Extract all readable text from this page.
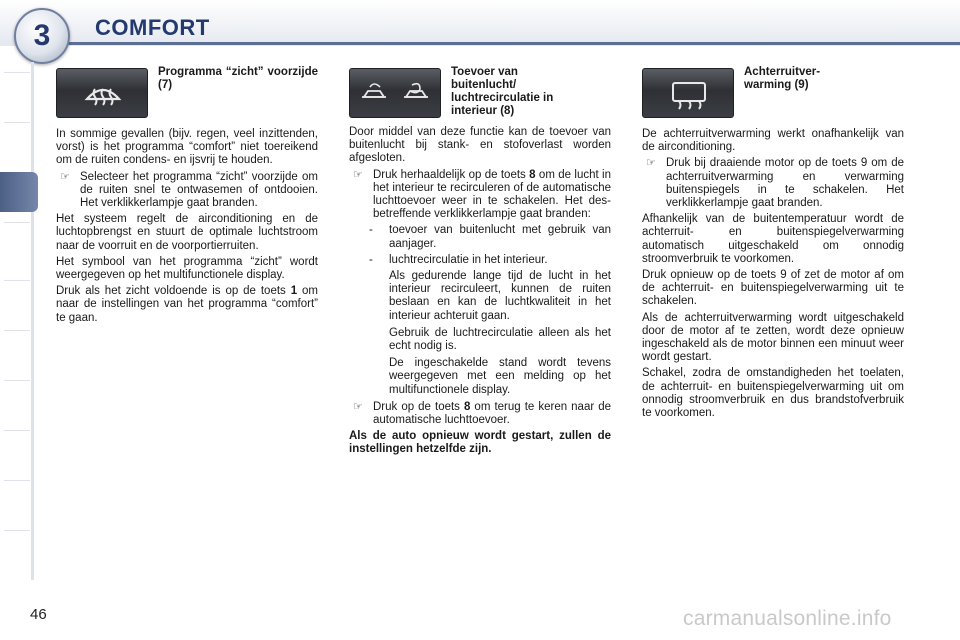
3	COMFORT
Programma “zicht” voorzijde (7)

In sommige gevallen (bijv. regen, veel inzittenden, vorst) is het programma “comfort” niet toereikend om de ruiten condens- en ijsvrij te houden.

☞ Selecteer het programma “zicht” voorzijde om de ruiten snel te ontwasemen of ontdooien. Het verklikkerlampje gaat branden.

Het systeem regelt de airconditioning en de luchtopbrengst en stuurt de optimale luchtstroom naar de voorruit en de voorportierruiten.

Het symbool van het programma “zicht” wordt weergegeven op het multifunctionele display.

Druk als het zicht voldoende is op de toets 1 om naar de instellingen van het programma “comfort” te gaan.

Toevoer van
buitenlucht/
luchtrecirculatie in
interieur (8)

Door middel van deze functie kan de toevoer van buitenlucht bij stank- en stofoverlast worden afgesloten.

☞ Druk herhaaldelijk op de toets 8 om de lucht in het interieur te recirculeren of de automatische luchttoevoer weer in te schakelen. Het desbetreffende verklikkerlampje gaat branden:
- toevoer van buitenlucht met gebruik van aanjager.
- luchtrecirculatie in het interieur.
Als gedurende lange tijd de lucht in het interieur recirculeert, kunnen de ruiten beslaan en kan de luchtkwaliteit in het interieur achteruit gaan.
Gebruik de luchtrecirculatie alleen als het echt nodig is.
De ingeschakelde stand wordt tevens weergegeven met een melding op het multifunctionele display.
☞ Druk op de toets 8 om terug te keren naar de automatische luchttoevoer.

Als de auto opnieuw wordt gestart, zullen de instellingen hetzelfde zijn.

Achterruitver-
warming (9)

De achterruitverwarming werkt onafhankelijk van de airconditioning.

☞ Druk bij draaiende motor op de toets 9 om de achterruitverwarming en verwarming buitenspiegels in te schakelen. Het verklikkerlampje gaat branden.

Afhankelijk van de buitentemperatuur wordt de achterruit- en buitenspiegelverwarming automatisch uitgeschakeld om onnodig stroomverbruik te voorkomen.

Druk opnieuw op de toets 9 of zet de motor af om de achterruit- en buitenspiegelverwarming uit te schakelen.

Als de achterruitverwarming wordt uitgeschakeld door de motor af te zetten, wordt deze opnieuw ingeschakeld als de motor binnen een minuut weer wordt gestart.

Schakel, zodra de omstandigheden het toelaten, de achterruit- en buitenspiegelverwarming uit om onnodig stroomverbruik en dus brandstofverbruik te voorkomen.

46	carmanualsonline.info
